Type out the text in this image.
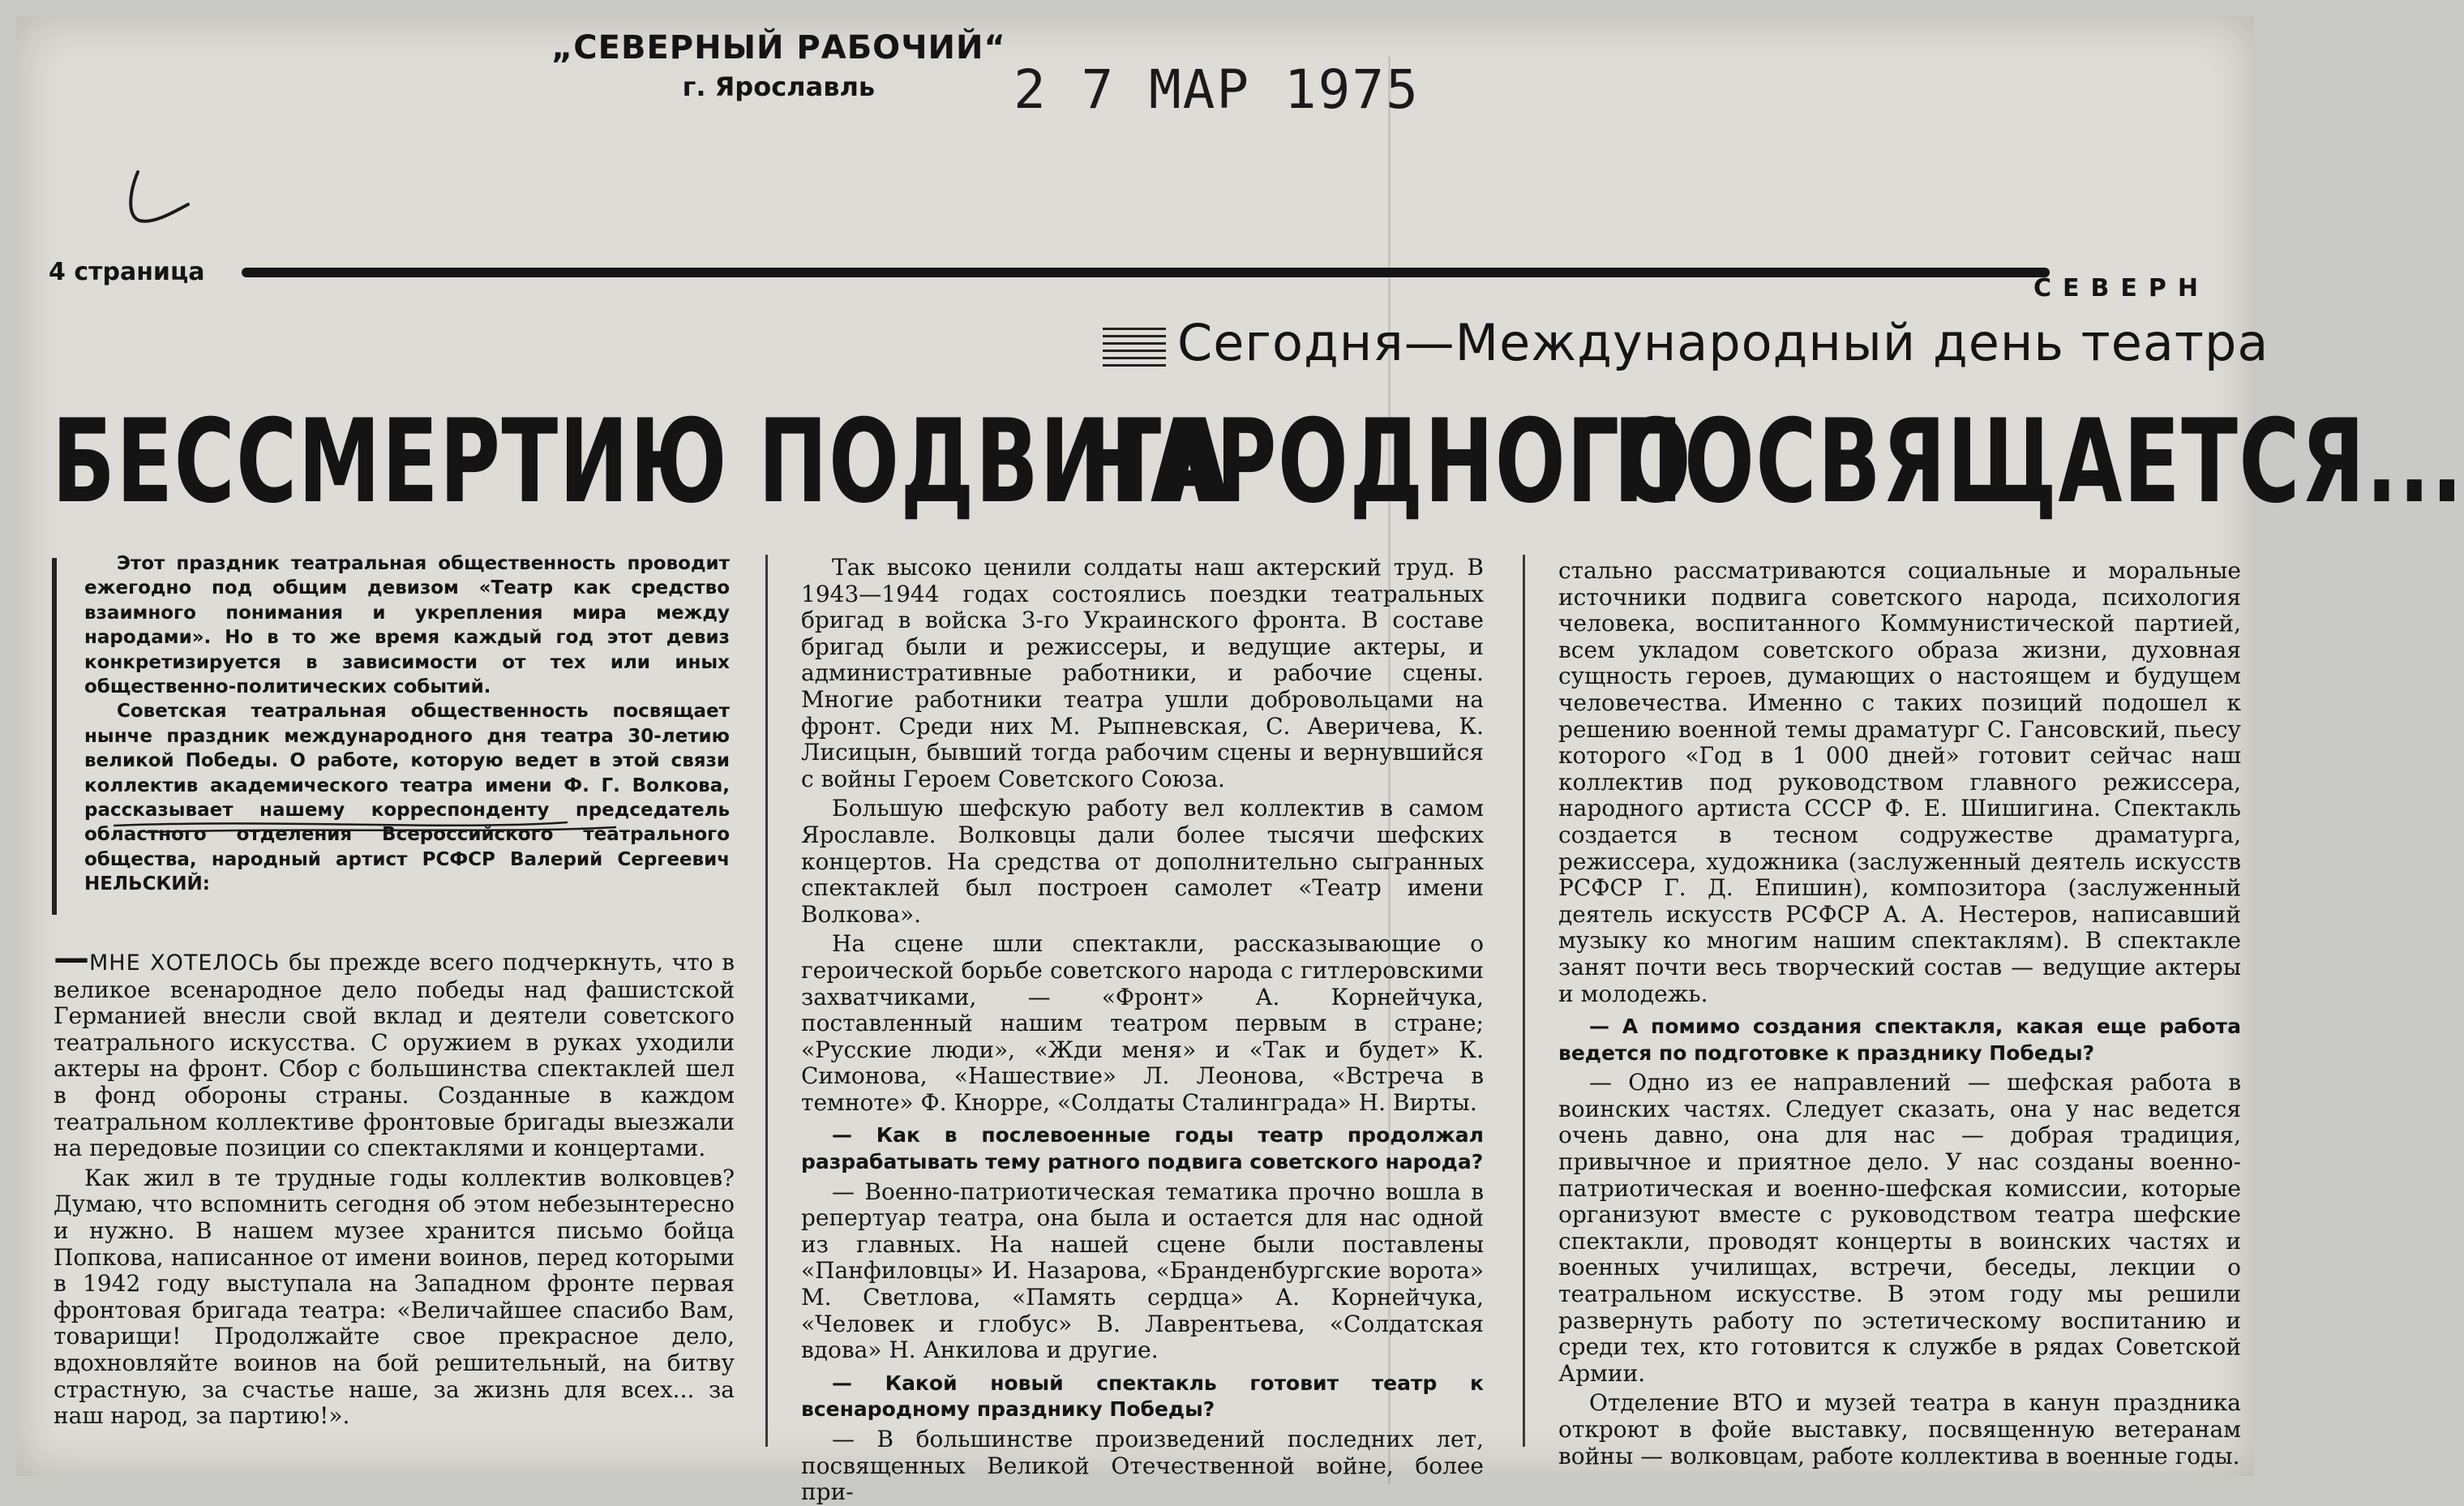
„СЕВЕРНЫЙ РАБОЧИЙ“
г. Ярославль	2 7 МАР 1975
4 страница
СЕВЕРН
Сегодня—Международный день театра
БЕССМЕРТИЮ ПОДВИГА
НАРОДНОГО
ПОСВЯЩАЕТСЯ...

Этот праздник театральная общественность проводит ежегодно под общим девизом «Театр как средство взаимного понимания и укрепления мира между народами». Но в то же время каждый год этот девиз конкретизируется в зависимости от тех или иных общественно-политических событий.

Советская театральная общественность посвящает нынче праздник международного дня театра 30-летию великой Победы. О работе, которую ведет в этой связи коллектив академического театра имени Ф. Г. Волкова, рассказывает нашему корреспонденту председатель областного отделения Всероссийского театрального общества, народный артист РСФСР Валерий Сергеевич НЕЛЬСКИЙ:

—МНЕ ХОТЕЛОСЬ бы прежде всего подчеркнуть, что в великое всенародное дело победы над фашистской Германией внесли свой вклад и деятели советского театрального искусства. С оружием в руках уходили актеры на фронт. Сбор с большинства спектаклей шел в фонд обороны страны. Созданные в каждом театральном коллективе фронтовые бригады выезжали на передовые позиции со спектаклями и концертами.

Как жил в те трудные годы коллектив волковцев? Думаю, что вспомнить сегодня об этом небезынтересно и нужно. В нашем музее хранится письмо бойца Попкова, написанное от имени воинов, перед которыми в 1942 году выступала на Западном фронте первая фронтовая бригада театра: «Величайшее спасибо Вам, товарищи! Продолжайте свое прекрасное дело, вдохновляйте воинов на бой решительный, на битву страстную, за счастье наше, за жизнь для всех... за наш народ, за партию!».

Так высоко ценили солдаты наш актерский труд. В 1943—1944 годах состоялись поездки театральных бригад в войска 3-го Украинского фронта. В составе бригад были и режиссеры, и ведущие актеры, и административные работники, и рабочие сцены. Многие работники театра ушли добровольцами на фронт. Среди них М. Рыпневская, С. Аверичева, К. Лисицын, бывший тогда рабочим сцены и вернувшийся с войны Героем Советского Союза.

Большую шефскую работу вел коллектив в самом Ярославле. Волковцы дали более тысячи шефских концертов. На средства от дополнительно сыгранных спектаклей был построен самолет «Театр имени Волкова».

На сцене шли спектакли, рассказывающие о героической борьбе советского народа с гитлеровскими захватчиками, — «Фронт» А. Корнейчука, поставленный нашим театром первым в стране; «Русские люди», «Жди меня» и «Так и будет» К. Симонова, «Нашествие» Л. Леонова, «Встреча в темноте» Ф. Кнорре, «Солдаты Сталинграда» Н. Вирты.

— Как в послевоенные годы театр продолжал разрабатывать тему ратного подвига советского народа?

— Военно-патриотическая тематика прочно вошла в репертуар театра, она была и остается для нас одной из главных. На нашей сцене были поставлены «Панфиловцы» И. Назарова, «Бранденбургские ворота» М. Светлова, «Память сердца» А. Корнейчука, «Человек и глобус» В. Лаврентьева, «Солдатская вдова» Н. Анкилова и другие.

— Какой новый спектакль готовит театр к всенародному празднику Победы?

— В большинстве произведений последних лет, посвященных Великой Отечественной войне, более при-

стально рассматриваются социальные и моральные источники подвига советского народа, психология человека, воспитанного Коммунистической партией, всем укладом советского образа жизни, духовная сущность героев, думающих о настоящем и будущем человечества. Именно с таких позиций подошел к решению военной темы драматург С. Гансовский, пьесу которого «Год в 1 000 дней» готовит сейчас наш коллектив под руководством главного режиссера, народного артиста СССР Ф. Е. Шишигина. Спектакль создается в тесном содружестве драматурга, режиссера, художника (заслуженный деятель искусств РСФСР Г. Д. Епишин), композитора (заслуженный деятель искусств РСФСР А. А. Нестеров, написавший музыку ко многим нашим спектаклям). В спектакле занят почти весь творческий состав — ведущие актеры и молодежь.

— А помимо создания спектакля, какая еще работа ведется по подготовке к празднику Победы?

— Одно из ее направлений — шефская работа в воинских частях. Следует сказать, она у нас ведется очень давно, она для нас — добрая традиция, привычное и приятное дело. У нас созданы военно-патриотическая и военно-шефская комиссии, которые организуют вместе с руководством театра шефские спектакли, проводят концерты в воинских частях и военных училищах, встречи, беседы, лекции о театральном искусстве. В этом году мы решили развернуть работу по эстетическому воспитанию и среди тех, кто готовится к службе в рядах Советской Армии.

Отделение ВТО и музей театра в канун праздника откроют в фойе выставку, посвященную ветеранам войны — волковцам, работе коллектива в военные годы.
